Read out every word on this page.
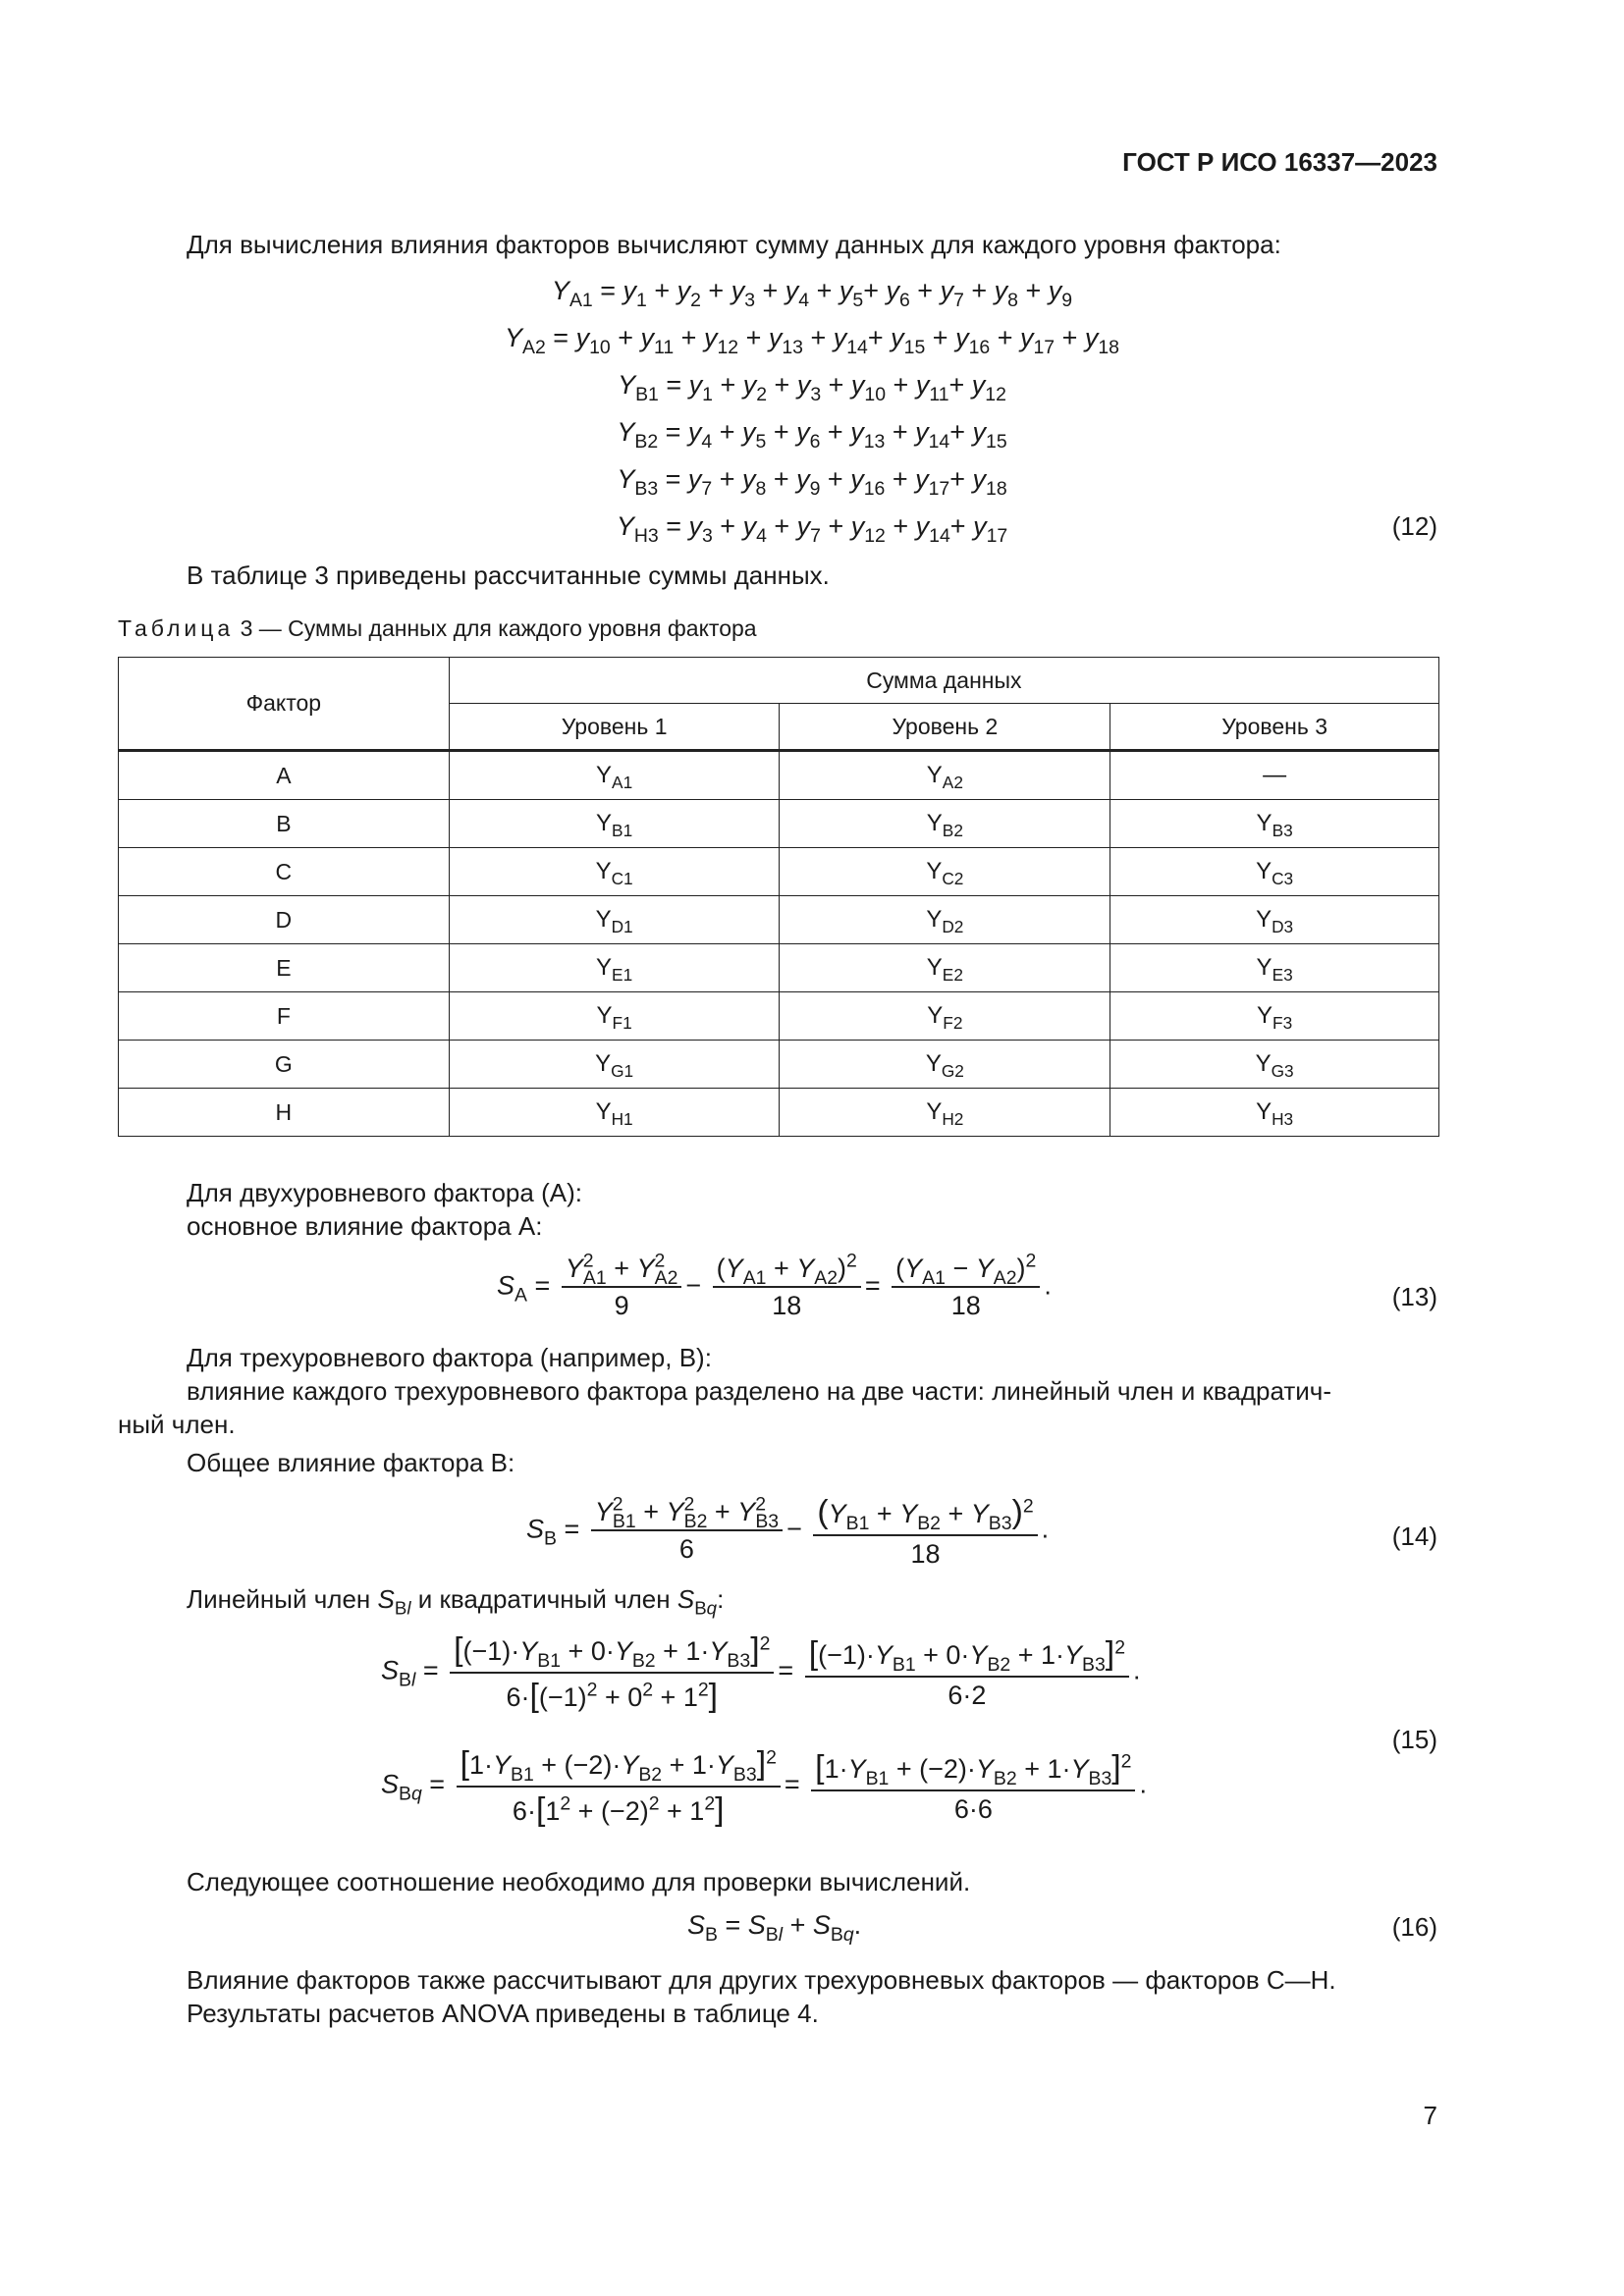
ГОСТ Р ИСО 16337—2023
Для вычисления влияния факторов вычисляют сумму данных для каждого уровня фактора:
$Y_{A1} = y_1 + y_2 + y_3 + y_4 + y_5+ y_6 + y_7 + y_8 + y_9$
$Y_{A2} = y_{10} + y_{11} + y_{12} + y_{13} + y_{14}+ y_{15} + y_{16} + y_{17} + y_{18}$
$Y_{B1} = y_1 + y_2 + y_3 + y_{10} + y_{11}+ y_{12}$
$Y_{B2} = y_4 + y_5 + y_6 + y_{13} + y_{14}+ y_{15}$
$Y_{B3} = y_7 + y_8 + y_9 + y_{16} + y_{17}+ y_{18}$
$Y_{H3} = y_3 + y_4 + y_7 + y_{12} + y_{14}+ y_{17}$	(12)
В таблице 3 приведены рассчитанные суммы данных.
Таблица 3 — Суммы данных для каждого уровня фактора
Фактор	Сумма данных		
	Уровень 1	Уровень 2	Уровень 3
A	$Y_{A1}$	$Y_{A2}$	—
B	$Y_{B1}$	$Y_{B2}$	$Y_{B3}$
C	$Y_{C1}$	$Y_{C2}$	$Y_{C3}$
D	$Y_{D1}$	$Y_{D2}$	$Y_{D3}$
E	$Y_{E1}$	$Y_{E2}$	$Y_{E3}$
F	$Y_{F1}$	$Y_{F2}$	$Y_{F3}$
G	$Y_{G1}$	$Y_{G2}$	$Y_{G3}$
H	$Y_{H1}$	$Y_{H2}$	$Y_{H3}$
Для двухуровневого фактора (A):
основное влияние фактора A:
$S_A = \frac{Y^2_{A1} + Y^2_{A2}}{9} - \frac{(Y_{A1} + Y_{A2})^2}{18} = \frac{(Y_{A1} - Y_{A2})^2}{18}$ .	(13)
Для трехуровневого фактора (например, B):
влияние каждого трехуровневого фактора разделено на две части: линейный член и квадратич-
ный член.
Общее влияние фактора B:
$S_B = \frac{Y^2_{B1} + Y^2_{B2} + Y^2_{B3}}{6} - \frac{(Y_{B1} + Y_{B2} + Y_{B3})^2}{18}$ .	(14)
Линейный член $S_{Bl}$ и квадратичный член $S_{Bq}$:
$S_{Bl} = \frac{[(-1)\cdot Y_{B1} + 0\cdot Y_{B2} + 1\cdot Y_{B3}]^2}{6\cdot[(-1)^2 + 0^2 + 1^2]} = \frac{[(-1)\cdot Y_{B1} + 0\cdot Y_{B2} + 1\cdot Y_{B3}]^2}{6\cdot 2}$ .
$S_{Bq} = \frac{[1\cdot Y_{B1} + (-2)\cdot Y_{B2} + 1\cdot Y_{B3}]^2}{6\cdot[1^2 + (-2)^2 + 1^2]} = \frac{[1\cdot Y_{B1} + (-2)\cdot Y_{B2} + 1\cdot Y_{B3}]^2}{6\cdot 6}$ .
(15)
Следующее соотношение необходимо для проверки вычислений.
$S_B = S_{Bl} + S_{Bq}$.	(16)
Влияние факторов также рассчитывают для других трехуровневых факторов — факторов C—H.
Результаты расчетов ANOVA приведены в таблице 4.
7
